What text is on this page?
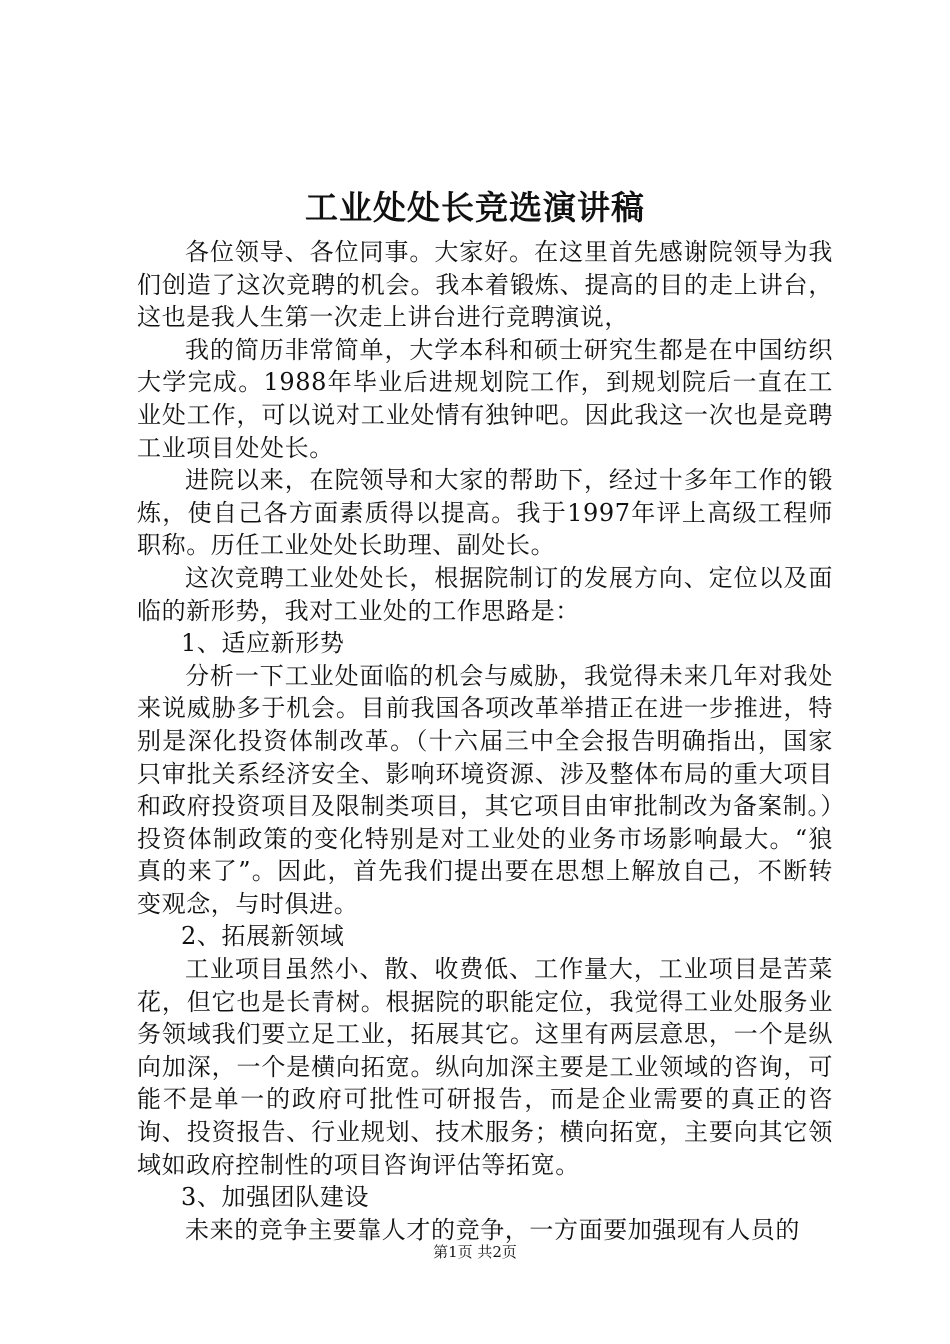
工业处处长竞选演讲稿

各位领导、各位同事。大家好。在这里首先感谢院领导为我们创造了这次竞聘的机会。我本着锻炼、提高的目的走上讲台，这也是我人生第一次走上讲台进行竞聘演说，

我的简历非常简单，大学本科和硕士研究生都是在中国纺织大学完成。1988年毕业后进规划院工作，到规划院后一直在工业处工作，可以说对工业处情有独钟吧。因此我这一次也是竞聘工业项目处处长。

进院以来，在院领导和大家的帮助下，经过十多年工作的锻炼，使自己各方面素质得以提高。我于1997年评上高级工程师职称。历任工业处处长助理、副处长。

这次竞聘工业处处长，根据院制订的发展方向、定位以及面临的新形势，我对工业处的工作思路是：

1、适应新形势

分析一下工业处面临的机会与威胁，我觉得未来几年对我处来说威胁多于机会。目前我国各项改革举措正在进一步推进，特别是深化投资体制改革。（十六届三中全会报告明确指出，国家只审批关系经济安全、影响环境资源、涉及整体布局的重大项目和政府投资项目及限制类项目，其它项目由审批制改为备案制。）投资体制政策的变化特别是对工业处的业务市场影响最大。“狼真的来了”。因此，首先我们提出要在思想上解放自己，不断转变观念，与时俱进。

2、拓展新领域

工业项目虽然小、散、收费低、工作量大，工业项目是苦菜花，但它也是长青树。根据院的职能定位，我觉得工业处服务业务领域我们要立足工业，拓展其它。这里有两层意思，一个是纵向加深，一个是横向拓宽。纵向加深主要是工业领域的咨询，可能不是单一的政府可批性可研报告，而是企业需要的真正的咨询、投资报告、行业规划、技术服务；横向拓宽，主要向其它领域如政府控制性的项目咨询评估等拓宽。

3、加强团队建设

未来的竞争主要靠人才的竞争，一方面要加强现有人员的

第1页 共2页
